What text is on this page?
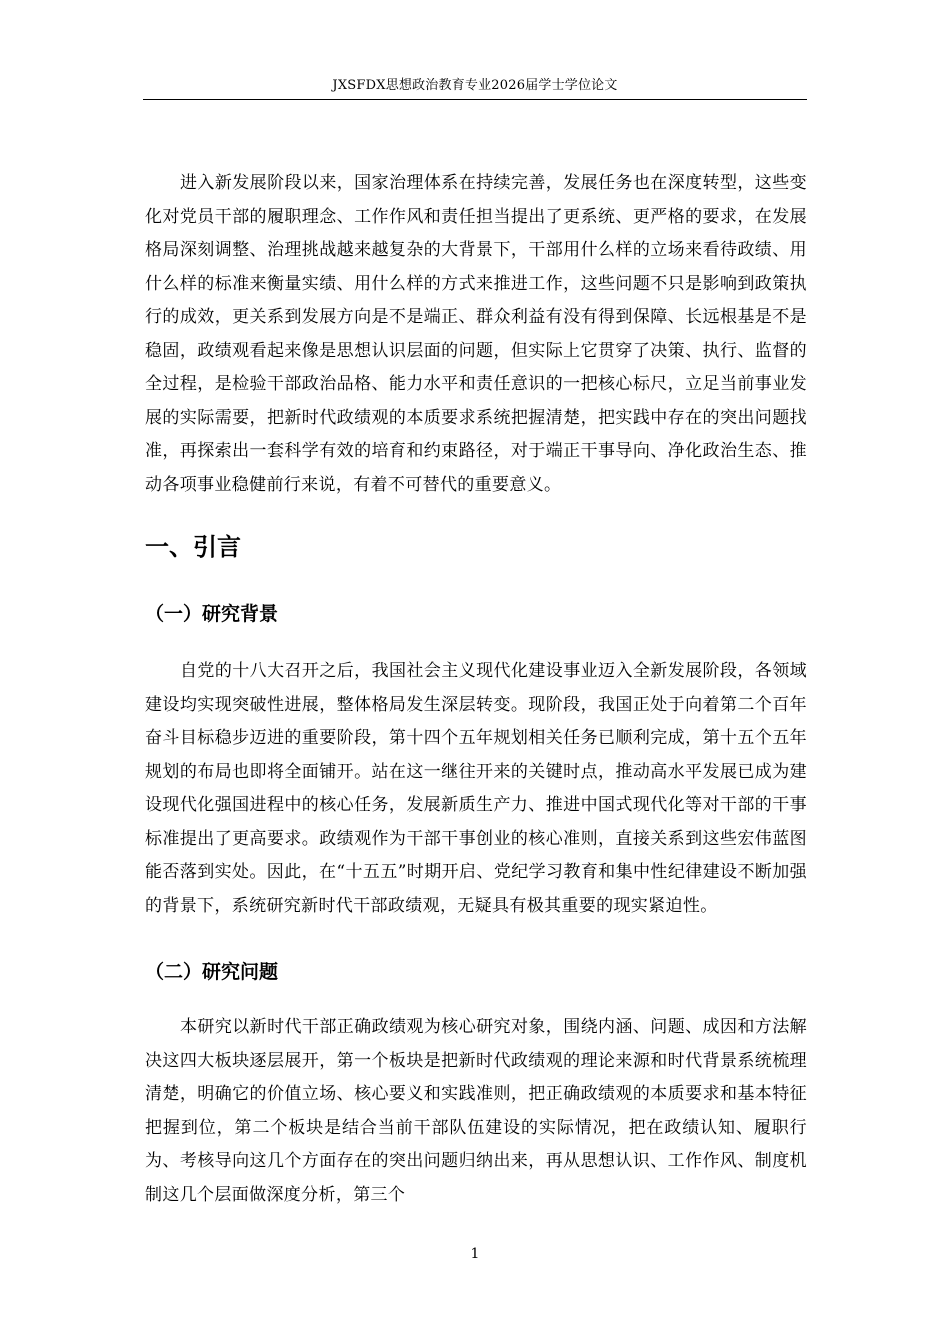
JXSFDX思想政治教育专业2026届学士学位论文

进入新发展阶段以来，国家治理体系在持续完善，发展任务也在深度转型，这些变化对党员干部的履职理念、工作作风和责任担当提出了更系统、更严格的要求，在发展格局深刻调整、治理挑战越来越复杂的大背景下，干部用什么样的立场来看待政绩、用什么样的标准来衡量实绩、用什么样的方式来推进工作，这些问题不只是影响到政策执行的成效，更关系到发展方向是不是端正、群众利益有没有得到保障、长远根基是不是稳固，政绩观看起来像是思想认识层面的问题，但实际上它贯穿了决策、执行、监督的全过程，是检验干部政治品格、能力水平和责任意识的一把核心标尺，立足当前事业发展的实际需要，把新时代政绩观的本质要求系统把握清楚，把实践中存在的突出问题找准，再探索出一套科学有效的培育和约束路径，对于端正干事导向、净化政治生态、推动各项事业稳健前行来说，有着不可替代的重要意义。

一、引言
（一）研究背景

自党的十八大召开之后，我国社会主义现代化建设事业迈入全新发展阶段，各领域建设均实现突破性进展，整体格局发生深层转变。现阶段，我国正处于向着第二个百年奋斗目标稳步迈进的重要阶段，第十四个五年规划相关任务已顺利完成，第十五个五年规划的布局也即将全面铺开。站在这一继往开来的关键时点，推动高水平发展已成为建设现代化强国进程中的核心任务，发展新质生产力、推进中国式现代化等对干部的干事标准提出了更高要求。政绩观作为干部干事创业的核心准则，直接关系到这些宏伟蓝图能否落到实处。因此，在“十五五”时期开启、党纪学习教育和集中性纪律建设不断加强的背景下，系统研究新时代干部政绩观，无疑具有极其重要的现实紧迫性。

（二）研究问题

本研究以新时代干部正确政绩观为核心研究对象，围绕内涵、问题、成因和方法解决这四大板块逐层展开，第一个板块是把新时代政绩观的理论来源和时代背景系统梳理清楚，明确它的价值立场、核心要义和实践准则，把正确政绩观的本质要求和基本特征把握到位，第二个板块是结合当前干部队伍建设的实际情况，把在政绩认知、履职行为、考核导向这几个方面存在的突出问题归纳出来，再从思想认识、工作作风、制度机制这几个层面做深度分析，第三个

1
